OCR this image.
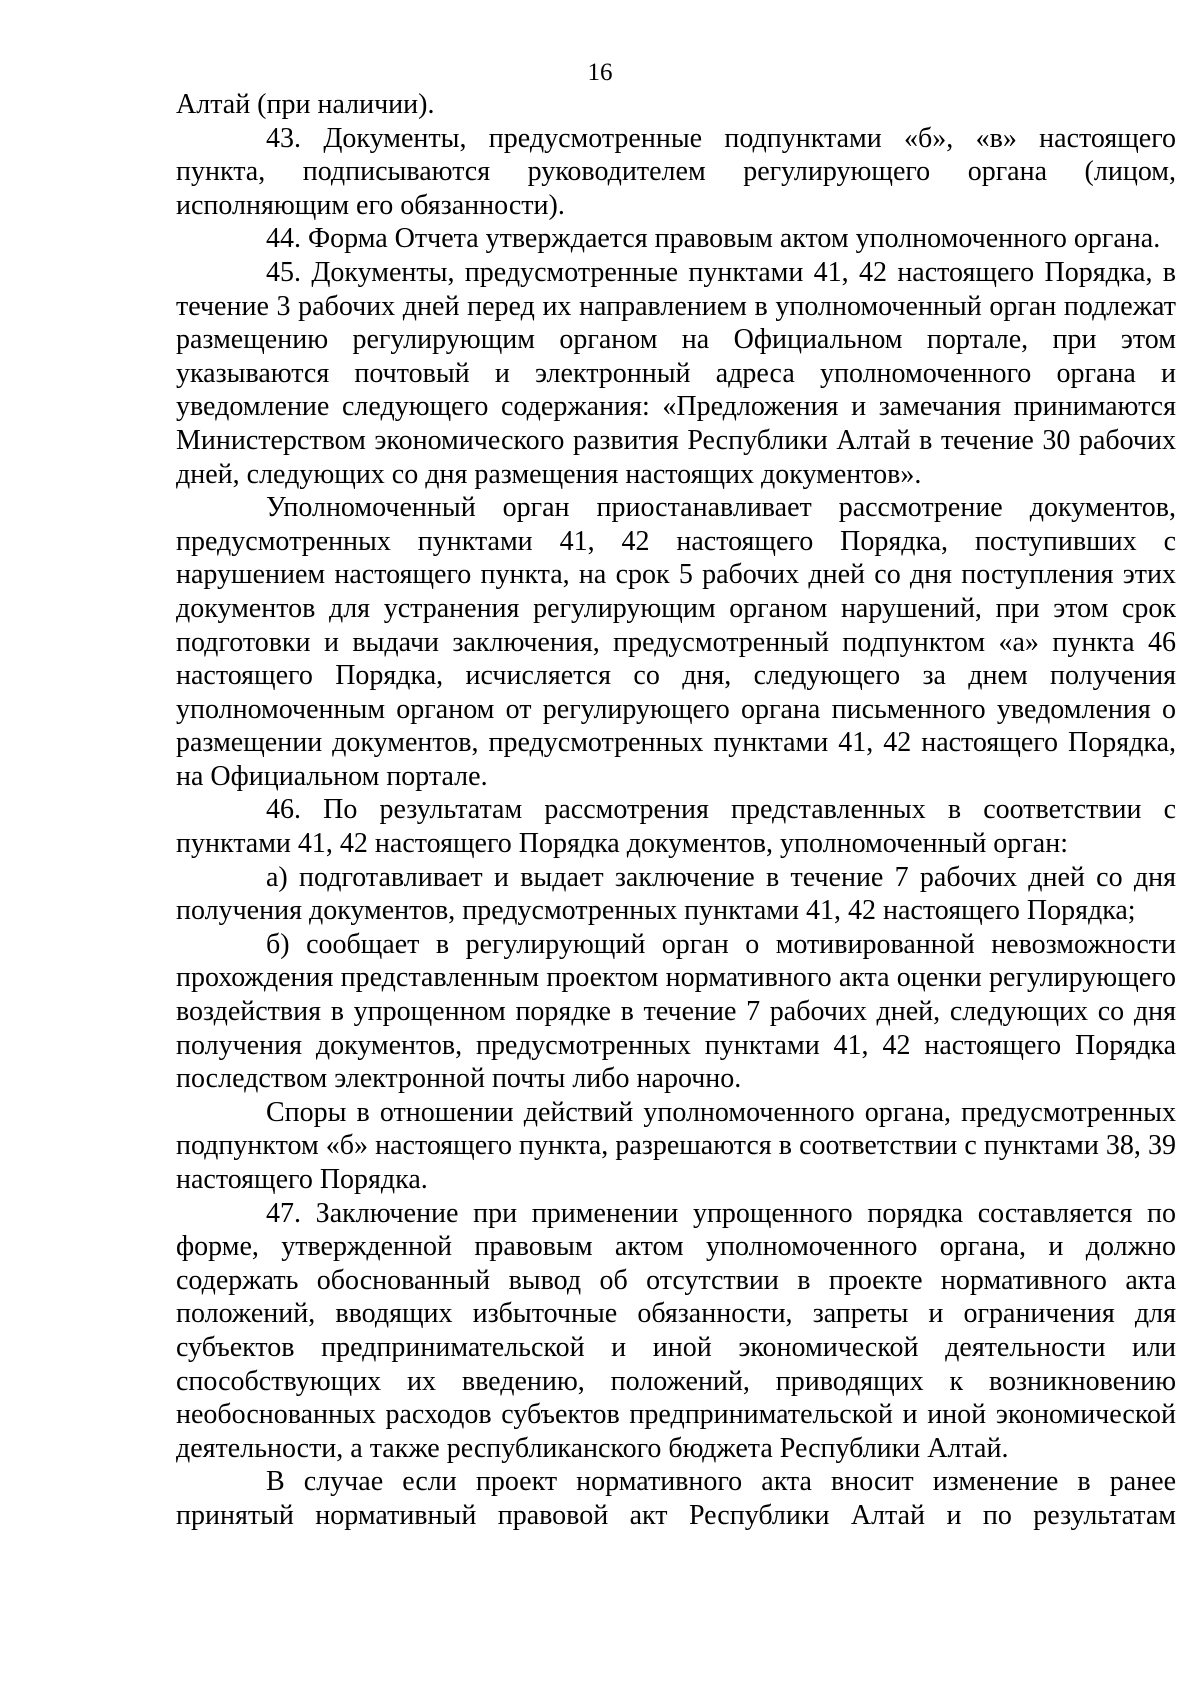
16

Алтай (при наличии).

43. Документы, предусмотренные подпунктами «б», «в» настоящего пункта, подписываются руководителем регулирующего органа (лицом, исполняющим его обязанности).

44. Форма Отчета утверждается правовым актом уполномоченного органа.

45. Документы, предусмотренные пунктами 41, 42 настоящего Порядка, в течение 3 рабочих дней перед их направлением в уполномоченный орган подлежат размещению регулирующим органом на Официальном портале, при этом указываются почтовый и электронный адреса уполномоченного органа и уведомление следующего содержания: «Предложения и замечания принимаются Министерством экономического развития Республики Алтай в течение 30 рабочих дней, следующих со дня размещения настоящих документов».

Уполномоченный орган приостанавливает рассмотрение документов, предусмотренных пунктами 41, 42 настоящего Порядка, поступивших с нарушением настоящего пункта, на срок 5 рабочих дней со дня поступления этих документов для устранения регулирующим органом нарушений, при этом срок подготовки и выдачи заключения, предусмотренный подпунктом «а» пункта 46 настоящего Порядка, исчисляется со дня, следующего за днем получения уполномоченным органом от регулирующего органа письменного уведомления о размещении документов, предусмотренных пунктами 41, 42 настоящего Порядка, на Официальном портале.

46. По результатам рассмотрения представленных в соответствии с пунктами 41, 42 настоящего Порядка документов, уполномоченный орган:

а) подготавливает и выдает заключение в течение 7 рабочих дней со дня получения документов, предусмотренных пунктами 41, 42 настоящего Порядка;

б) сообщает в регулирующий орган о мотивированной невозможности прохождения представленным проектом нормативного акта оценки регулирующего воздействия в упрощенном порядке в течение 7 рабочих дней, следующих со дня получения документов, предусмотренных пунктами 41, 42 настоящего Порядка последством электронной почты либо нарочно.

Споры в отношении действий уполномоченного органа, предусмотренных подпунктом «б» настоящего пункта, разрешаются в соответствии с пунктами 38, 39 настоящего Порядка.

47. Заключение при применении упрощенного порядка составляется по форме, утвержденной правовым актом уполномоченного органа, и должно содержать обоснованный вывод об отсутствии в проекте нормативного акта положений, вводящих избыточные обязанности, запреты и ограничения для субъектов предпринимательской и иной экономической деятельности или способствующих их введению, положений, приводящих к возникновению необоснованных расходов субъектов предпринимательской и иной экономической деятельности, а также республиканского бюджета Республики Алтай.

В случае если проект нормативного акта вносит изменение в ранее принятый нормативный правовой акт Республики Алтай и по результатам
